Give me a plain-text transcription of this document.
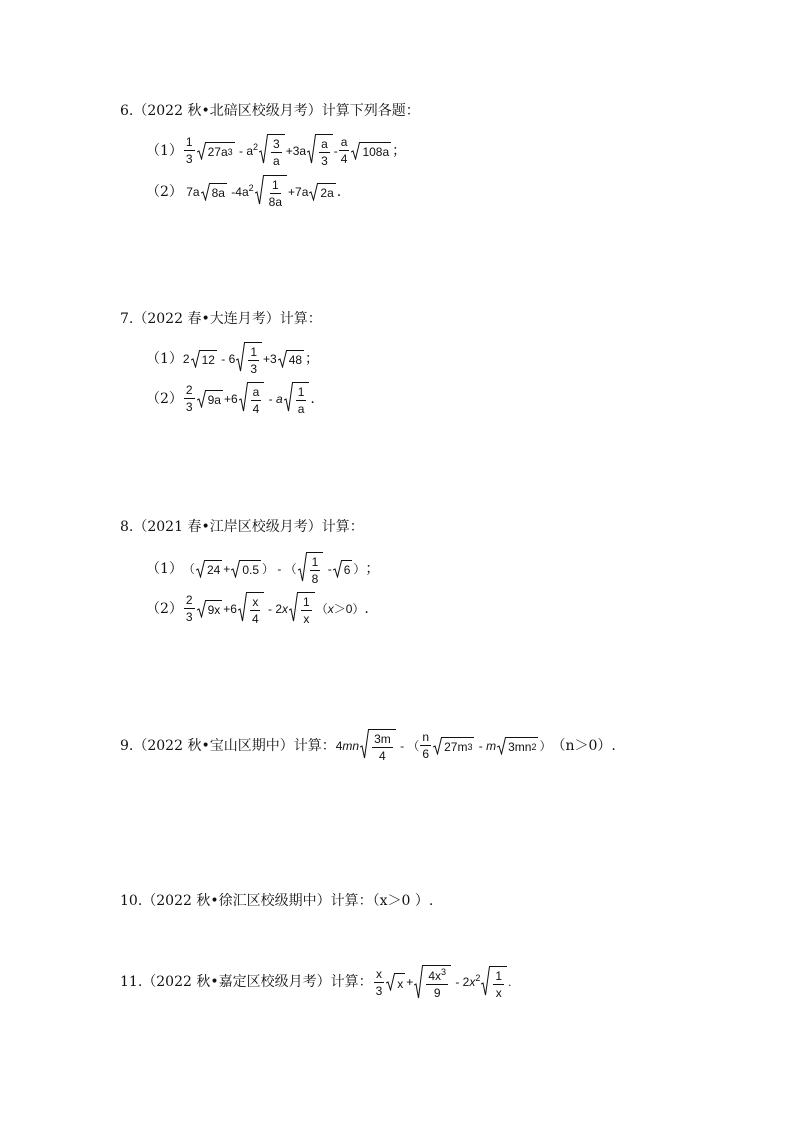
6. （2022 秋•北碚区校级月考） 计算下列各题：
$(1) \frac{1}{3} 27a$ $3 - a^2 \frac{3}{a} +3a \frac{a}{3} - \frac{a}{4} 108a$ ；
（2） 7a 8a $-4a^2 \frac{1}{8a} +7a$ 2a .
7. （2022 春•大连月考） 计算：
（1） 2 $12 - 6 \frac{1}{3} +3$ 48 ；
$(2) \frac{2}{3} 9a +6 \frac{a}{4} - a \frac{1}{a}$ .
8. （2021 春•江岸区校级月考） 计算：
（1） （ 24 + 0.5 ） - （ $\frac{1}{8} - 6$ ） ；
$(2) \frac{2}{3} 9x +6 \frac{x}{4} - 2x \frac{1}{x} (x>0)$ .
9. （2022 秋•宝山区期中） 计算： $4mn \frac{3m}{4}$ - （ $\frac{n}{6} 27m$ 3 - m 3mn 2 ） （n＞0）.
10. （2022 秋•徐汇区校级期中） 计算：（x＞0 ）.
11. （2022 秋•嘉定区校级月考） 计算： $\frac{x}{3}$ $x + \frac{4x^3}{9} - 2x^2 \frac{1}{x}$ .
